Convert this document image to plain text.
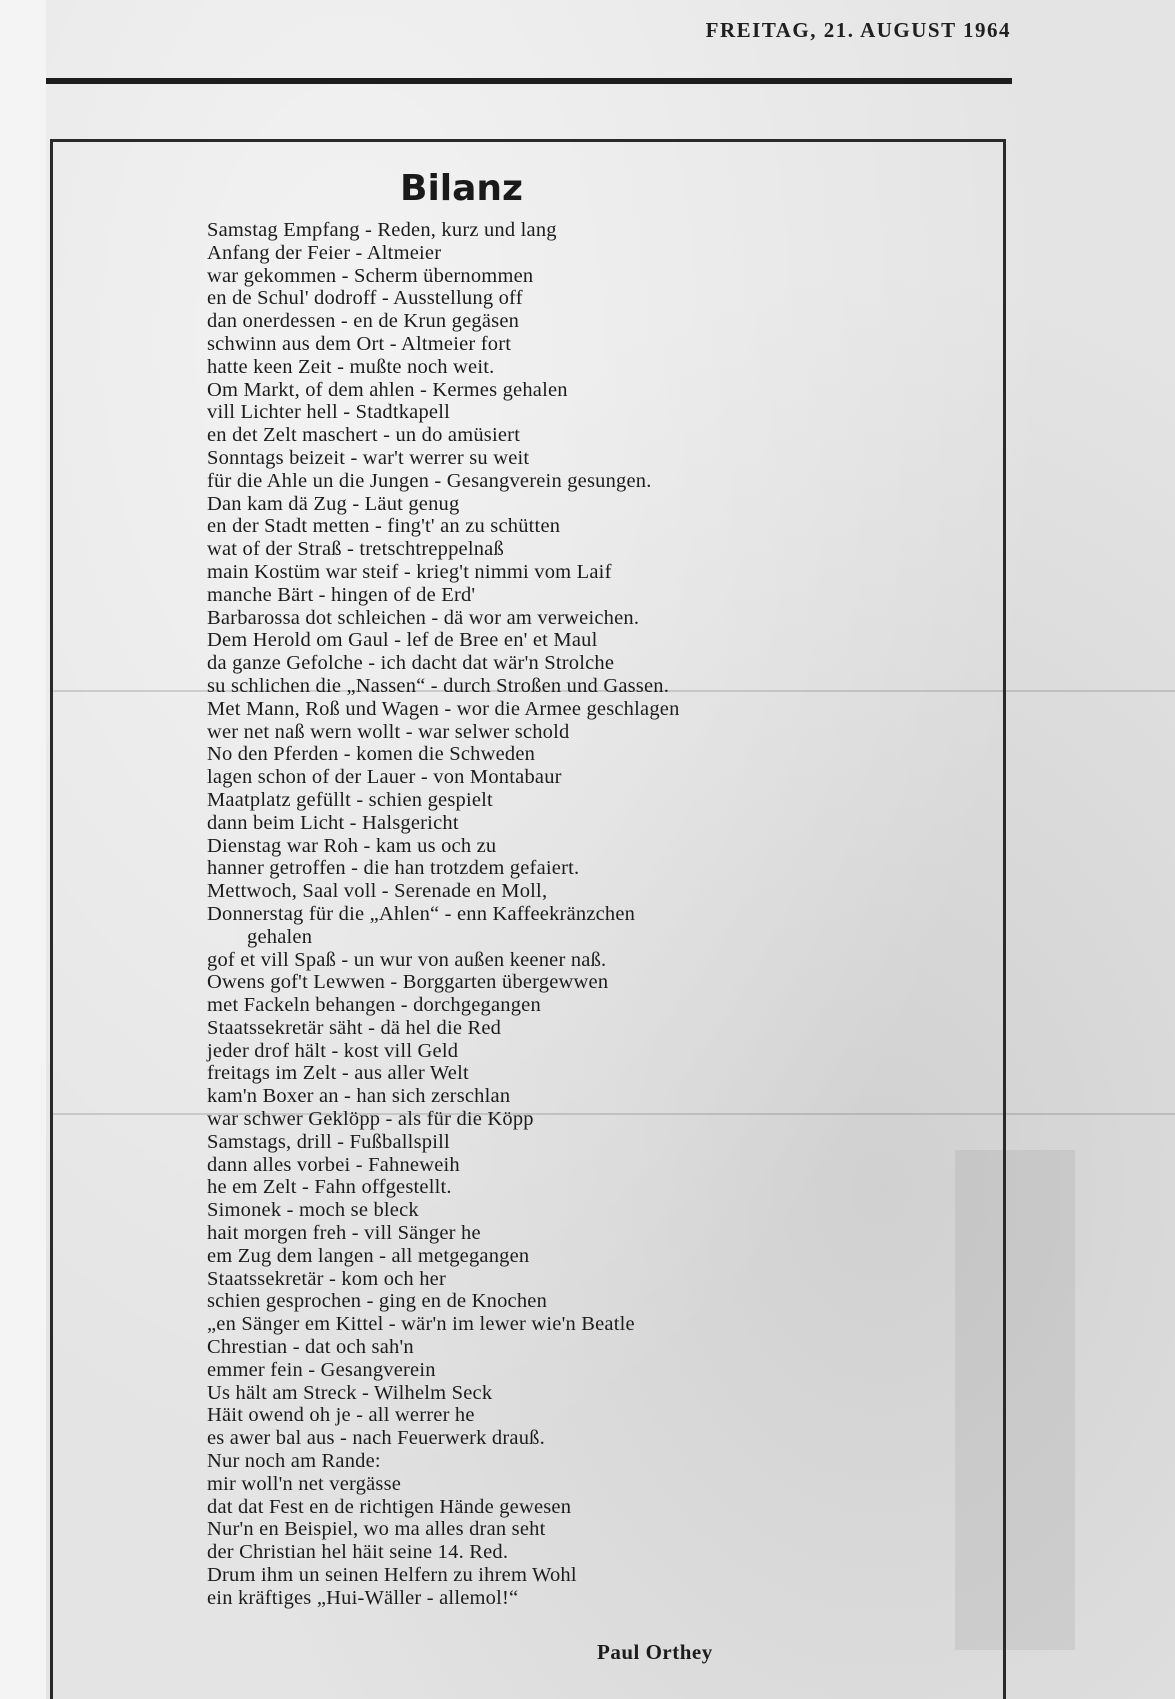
FREITAG, 21. AUGUST 1964
Bilanz
Samstag Empfang - Reden, kurz und lang
Anfang der Feier - Altmeier
war gekommen - Scherm übernommen
en de Schul' dodroff - Ausstellung off
dan onerdessen - en de Krun gegäsen
schwinn aus dem Ort - Altmeier fort
hatte keen Zeit - mußte noch weit.
Om Markt, of dem ahlen - Kermes gehalen
vill Lichter hell - Stadtkapell
en det Zelt maschert - un do amüsiert
Sonntags beizeit - war't werrer su weit
für die Ahle un die Jungen - Gesangverein gesungen.
Dan kam dä Zug - Läut genug
en der Stadt metten - fing't' an zu schütten
wat of der Straß - tretschtreppelnaß
main Kostüm war steif - krieg't nimmi vom Laif
manche Bärt - hingen of de Erd'
Barbarossa dot schleichen - dä wor am verweichen.
Dem Herold om Gaul - lef de Bree en' et Maul
da ganze Gefolche - ich dacht dat wär'n Strolche
su schlichen die „Nassen“ - durch Stroßen und Gassen.
Met Mann, Roß und Wagen - wor die Armee geschlagen
wer net naß wern wollt - war selwer schold
No den Pferden - komen die Schweden
lagen schon of der Lauer - von Montabaur
Maatplatz gefüllt - schien gespielt
dann beim Licht - Halsgericht
Dienstag war Roh - kam us och zu
hanner getroffen - die han trotzdem gefaiert.
Mettwoch, Saal voll - Serenade en Moll,
Donnerstag für die „Ahlen“ - enn Kaffeekränzchen
gehalen
gof et vill Spaß - un wur von außen keener naß.
Owens gof't Lewwen - Borggarten übergewwen
met Fackeln behangen - dorchgegangen
Staatssekretär säht - dä hel die Red
jeder drof hält - kost vill Geld
freitags im Zelt - aus aller Welt
kam'n Boxer an - han sich zerschlan
war schwer Geklöpp - als für die Köpp
Samstags, drill - Fußballspill
dann alles vorbei - Fahneweih
he em Zelt - Fahn offgestellt.
Simonek - moch se bleck
hait morgen freh - vill Sänger he
em Zug dem langen - all metgegangen
Staatssekretär - kom och her
schien gesprochen - ging en de Knochen
„en Sänger em Kittel - wär'n im lewer wie'n Beatle
Chrestian - dat och sah'n
emmer fein - Gesangverein
Us hält am Streck - Wilhelm Seck
Häit owend oh je - all werrer he
es awer bal aus - nach Feuerwerk drauß.
Nur noch am Rande:
mir woll'n net vergässe
dat dat Fest en de richtigen Hände gewesen
Nur'n en Beispiel, wo ma alles dran seht
der Christian hel häit seine 14. Red.
Drum ihm un seinen Helfern zu ihrem Wohl
ein kräftiges „Hui-Wäller - allemol!“
Paul Orthey
